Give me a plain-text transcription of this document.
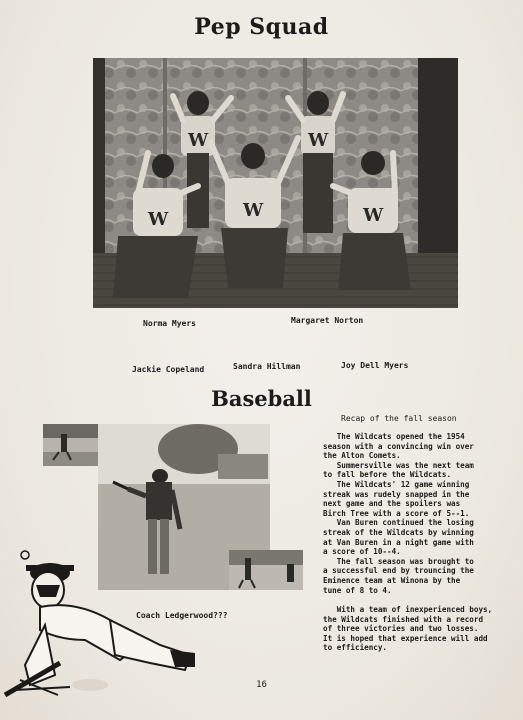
Pep Squad
W	W
W	W	W
Norma Myers	Margaret Norton
Jackie Copeland	Sandra Hillman	Joy Dell Myers
Baseball
Coach Ledgerwood???
Recap of the fall season

The Wildcats opened the 1954

season with a convincing win over

the Alton Comets.

Summersville was the next team

to fall before the Wildcats.

The Wildcats' 12 game winning

streak was rudely snapped in the

next game and the spoilers was

Birch Tree with a score of 5--1.

Van Buren continued the losing

streak of the Wildcats by winning

at Van Buren in a night game with

a score of 10--4.

The fall season was brought to

a successful end by trouncing the

Eminence team at Winona by the

tune of 8 to 4.

With a team of inexperienced boys,

the Wildcats finished with a record

of three victories and two losses.

It is hoped that experience will add

to efficiency.

16
